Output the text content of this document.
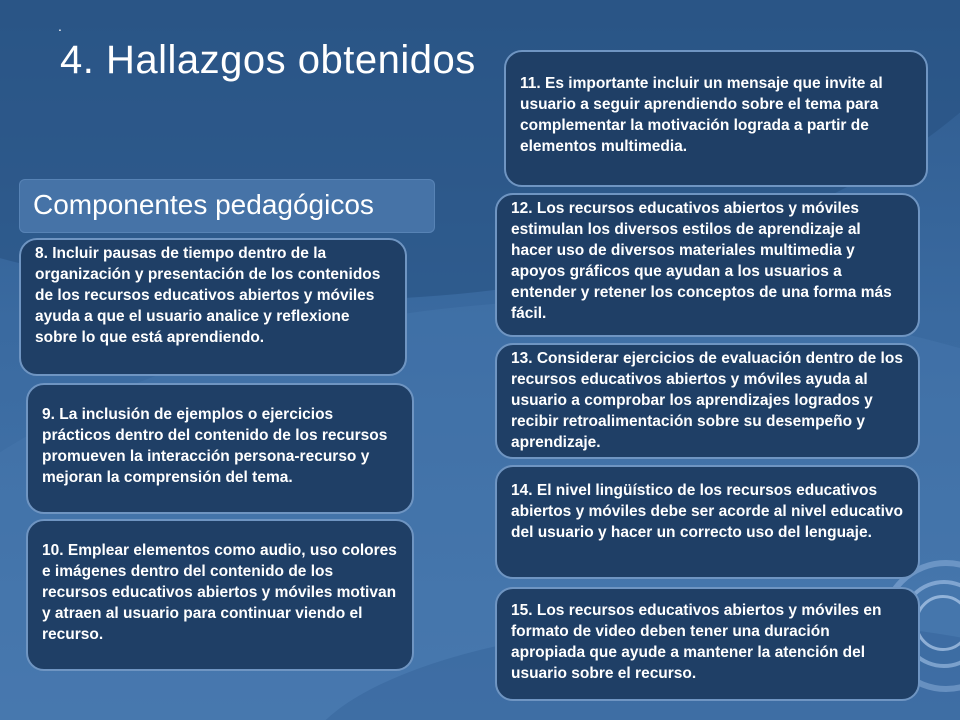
.
4. Hallazgos obtenidos
Componentes pedagógicos
8. Incluir pausas de tiempo dentro de la organización y presentación de los contenidos de los recursos educativos abiertos y móviles ayuda a que el usuario analice y reflexione sobre lo que está aprendiendo.
9. La inclusión de ejemplos o ejercicios prácticos dentro del contenido de los recursos promueven la interacción persona-recurso y mejoran la comprensión del tema.
10. Emplear elementos como audio, uso colores e imágenes dentro del contenido de los recursos educativos abiertos y móviles motivan y atraen al usuario para continuar viendo el recurso.
11. Es importante incluir un mensaje que invite al usuario a seguir aprendiendo sobre el tema para complementar la motivación lograda a partir de elementos multimedia.
12. Los recursos educativos abiertos y móviles estimulan los diversos estilos de aprendizaje al hacer uso de diversos materiales multimedia y apoyos gráficos que ayudan a los usuarios a entender y retener los conceptos de una forma más fácil.
13. Considerar ejercicios de evaluación dentro de los recursos educativos abiertos y móviles ayuda al usuario a comprobar los aprendizajes logrados y recibir retroalimentación sobre su desempeño y aprendizaje.
14. El nivel lingüístico de los recursos educativos abiertos y móviles debe ser acorde al nivel educativo del usuario y hacer un correcto uso del lenguaje.
15. Los recursos educativos abiertos y móviles en formato de video deben tener una duración apropiada que ayude a mantener la atención del usuario sobre el recurso.
